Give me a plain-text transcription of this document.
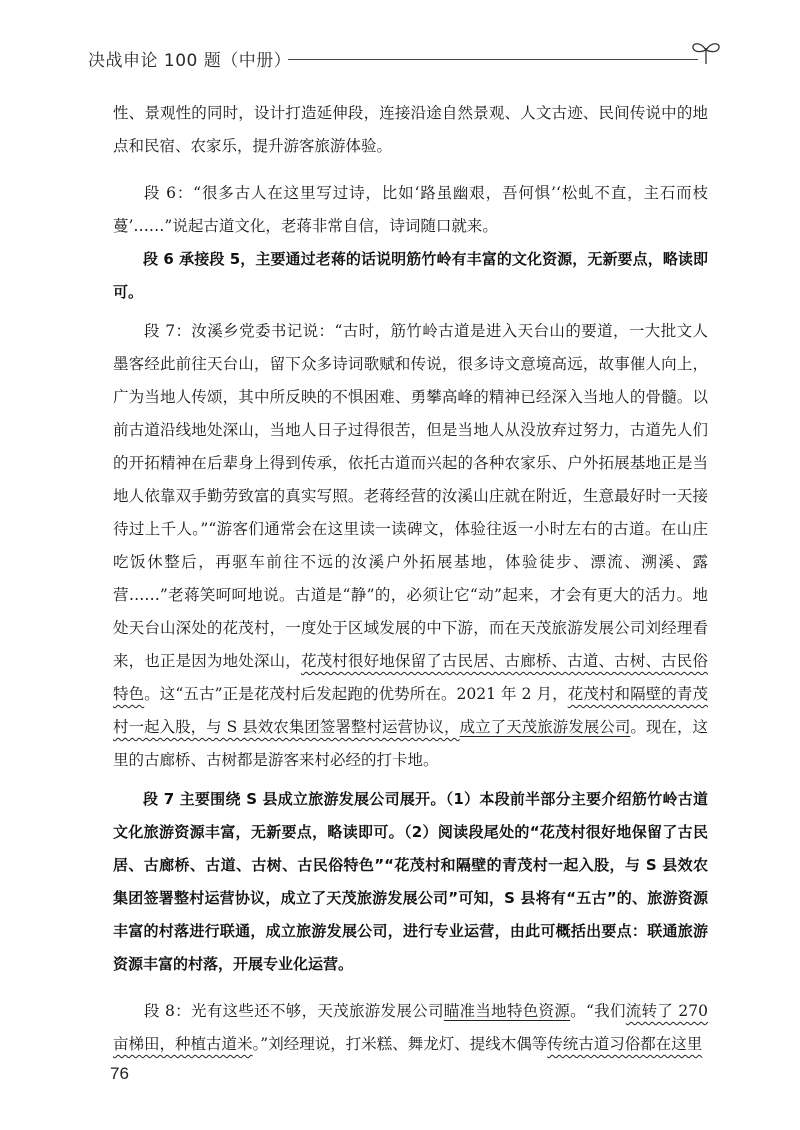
决战申论 100 题（中册）

性、景观性的同时，设计打造延伸段，连接沿途自然景观、人文古迹、民间传说中的地点和民宿、农家乐，提升游客旅游体验。

段 6：“很多古人在这里写过诗，比如‘路虽幽艰，吾何惧’‘松虬不直，主石而枝蔓’……”说起古道文化，老蒋非常自信，诗词随口就来。

段 6 承接段 5，主要通过老蒋的话说明筋竹岭有丰富的文化资源，无新要点，略读即可。

段 7：汝溪乡党委书记说：“古时，筋竹岭古道是进入天台山的要道，一大批文人墨客经此前往天台山，留下众多诗词歌赋和传说，很多诗文意境高远，故事催人向上，广为当地人传颂，其中所反映的不惧困难、勇攀高峰的精神已经深入当地人的骨髓。以前古道沿线地处深山，当地人日子过得很苦，但是当地人从没放弃过努力，古道先人们的开拓精神在后辈身上得到传承，依托古道而兴起的各种农家乐、户外拓展基地正是当地人依靠双手勤劳致富的真实写照。老蒋经营的汝溪山庄就在附近，生意最好时一天接待过上千人。”“游客们通常会在这里读一读碑文，体验往返一小时左右的古道。在山庄吃饭休整后，再驱车前往不远的汝溪户外拓展基地，体验徒步、漂流、溯溪、露营……”老蒋笑呵呵地说。古道是“静”的，必须让它“动”起来，才会有更大的活力。地处天台山深处的花茂村，一度处于区域发展的中下游，而在天茂旅游发展公司刘经理看来，也正是因为地处深山，花茂村很好地保留了古民居、古廊桥、古道、古树、古民俗特色。这“五古”正是花茂村后发起跑的优势所在。2021 年 2 月，花茂村和隔壁的青茂村一起入股，与 S 县效农集团签署整村运营协议，成立了天茂旅游发展公司。现在，这里的古廊桥、古树都是游客来村必经的打卡地。

段 7 主要围绕 S 县成立旅游发展公司展开。（1）本段前半部分主要介绍筋竹岭古道文化旅游资源丰富，无新要点，略读即可。（2）阅读段尾处的“花茂村很好地保留了古民居、古廊桥、古道、古树、古民俗特色”“花茂村和隔壁的青茂村一起入股，与 S 县效农集团签署整村运营协议，成立了天茂旅游发展公司”可知，S 县将有“五古”的、旅游资源丰富的村落进行联通，成立旅游发展公司，进行专业运营，由此可概括出要点：联通旅游资源丰富的村落，开展专业化运营。

段 8：光有这些还不够，天茂旅游发展公司瞄准当地特色资源。“我们流转了 270 亩梯田，种植古道米。”刘经理说，打米糕、舞龙灯、提线木偶等传统古道习俗都在这里

76
